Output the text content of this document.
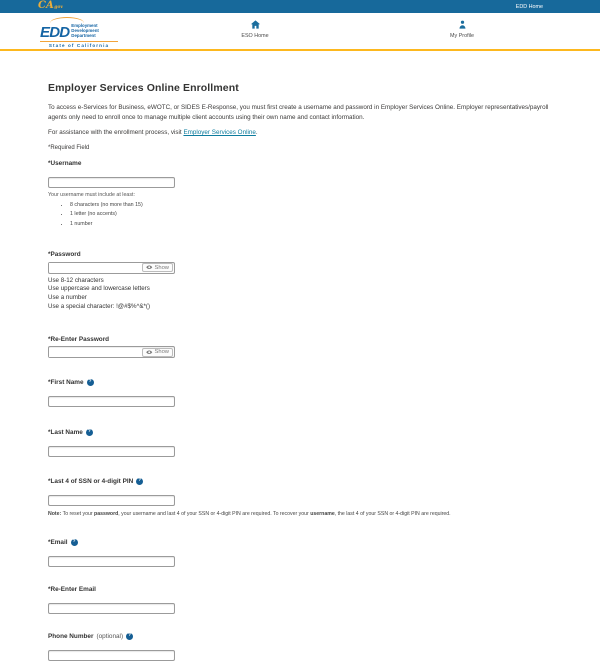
CA gov	EDD Home
EDD Employment
Development
Department
State of California
ESO Home	My Profile
Employer Services Online Enrollment

To access e-Services for Business, eWOTC, or SIDES E-Response, you must first create a username and password in Employer Services Online. Employer representatives/payroll agents only need to enroll once to manage multiple client accounts using their own name and contact information.

For assistance with the enrollment process, visit Employer Services Online.

*Required Field

*Username
Your username must include at least:
• 8 characters (no more than 15)
• 1 letter (no accents)
• 1 number
*Password
Show
Use 8-12 characters
Use uppercase and lowercase letters
Use a number
Use a special character: !@#$%^&*()
*Re-Enter Password
Show
*First Name	?
*Last Name	?
*Last 4 of SSN or 4-digit PIN	?
Note: To reset your password, your username and last 4 of your SSN or 4-digit PIN are required. To recover your username, the last 4 of your SSN or 4-digit PIN are required.
*Email	?
*Re-Enter Email
Phone Number (optional)	?
